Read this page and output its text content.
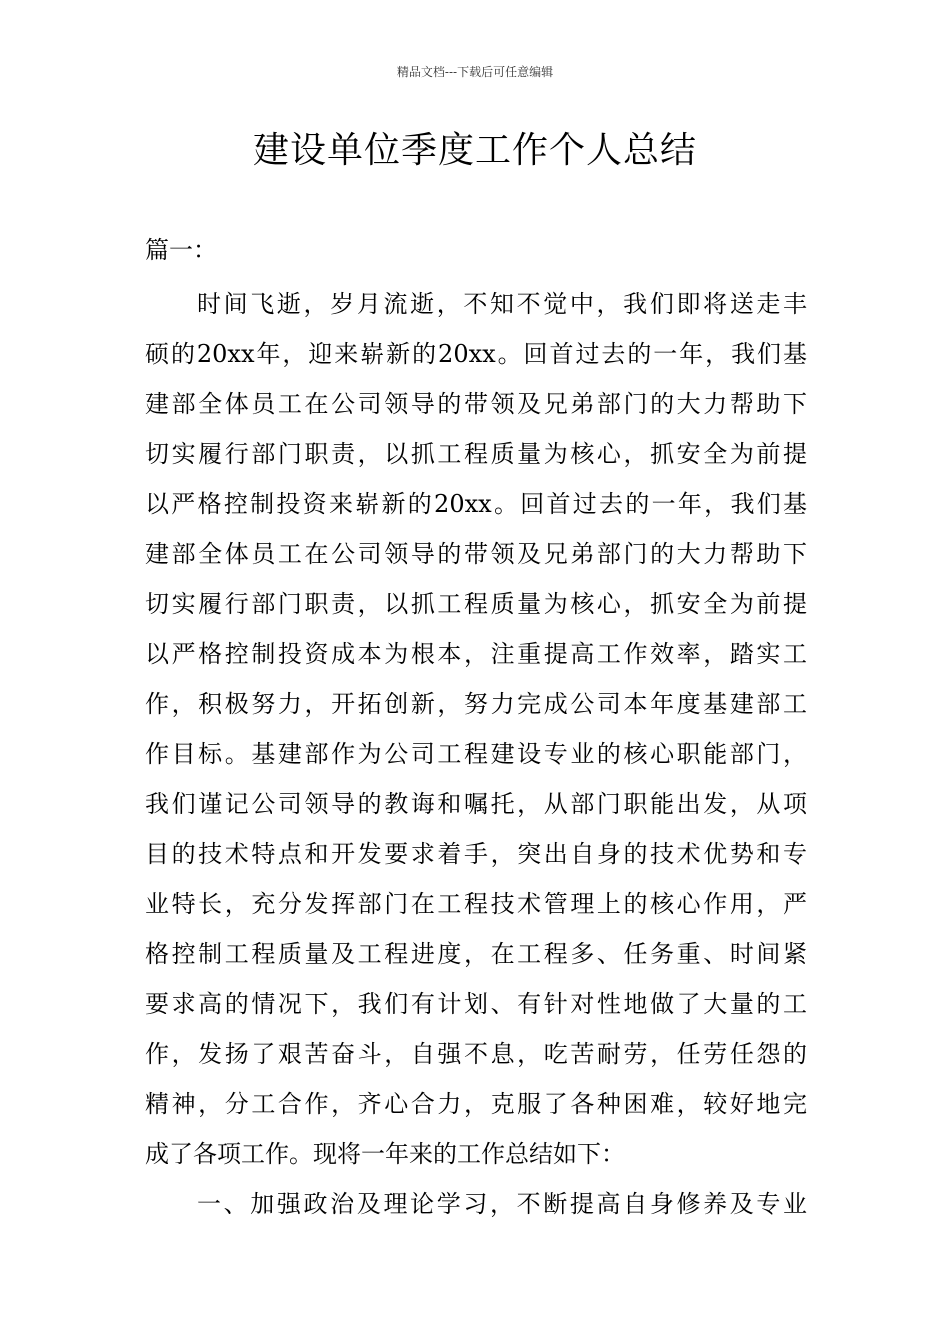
精品文档---下载后可任意编辑
建设单位季度工作个人总结
篇一：
时间飞逝，岁月流逝，不知不觉中，我们即将送走丰
硕的20xx年，迎来崭新的20xx。回首过去的一年，我们基
建部全体员工在公司领导的带领及兄弟部门的大力帮助下
切实履行部门职责，以抓工程质量为核心，抓安全为前提
以严格控制投资来崭新的20xx。回首过去的一年，我们基
建部全体员工在公司领导的带领及兄弟部门的大力帮助下
切实履行部门职责，以抓工程质量为核心，抓安全为前提
以严格控制投资成本为根本，注重提高工作效率，踏实工
作，积极努力，开拓创新，努力完成公司本年度基建部工
作目标。基建部作为公司工程建设专业的核心职能部门，
我们谨记公司领导的教诲和嘱托，从部门职能出发，从项
目的技术特点和开发要求着手，突出自身的技术优势和专
业特长，充分发挥部门在工程技术管理上的核心作用，严
格控制工程质量及工程进度，在工程多、任务重、时间紧
要求高的情况下，我们有计划、有针对性地做了大量的工
作，发扬了艰苦奋斗，自强不息，吃苦耐劳，任劳任怨的
精神，分工合作，齐心合力，克服了各种困难，较好地完
成了各项工作。现将一年来的工作总结如下：
一、加强政治及理论学习，不断提高自身修养及专业
